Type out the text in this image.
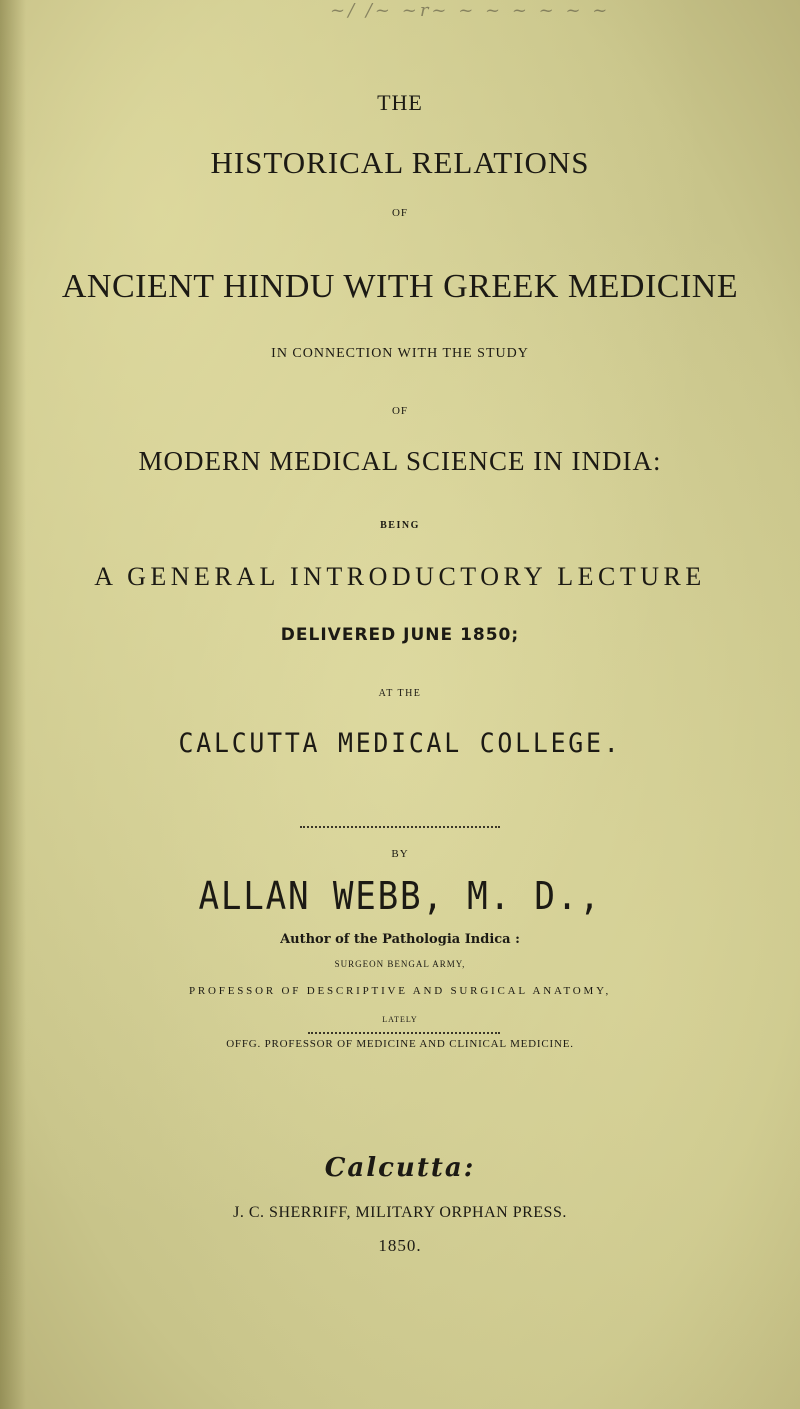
~/ /~ ~r~ ~ ~ ~ ~ ~ ~
THE
HISTORICAL RELATIONS
OF
ANCIENT HINDU WITH GREEK MEDICINE
IN CONNECTION WITH THE STUDY
OF
MODERN MEDICAL SCIENCE IN INDIA:
BEING
A GENERAL INTRODUCTORY LECTURE
DELIVERED JUNE 1850;
AT THE
CALCUTTA MEDICAL COLLEGE.
BY
ALLAN WEBB, M. D.,
Author of the Pathologia Indica :
SURGEON BENGAL ARMY,
PROFESSOR OF DESCRIPTIVE AND SURGICAL ANATOMY,
LATELY
OFFG. PROFESSOR OF MEDICINE AND CLINICAL MEDICINE.
Calcutta:
J. C. SHERRIFF, MILITARY ORPHAN PRESS.
1850.
